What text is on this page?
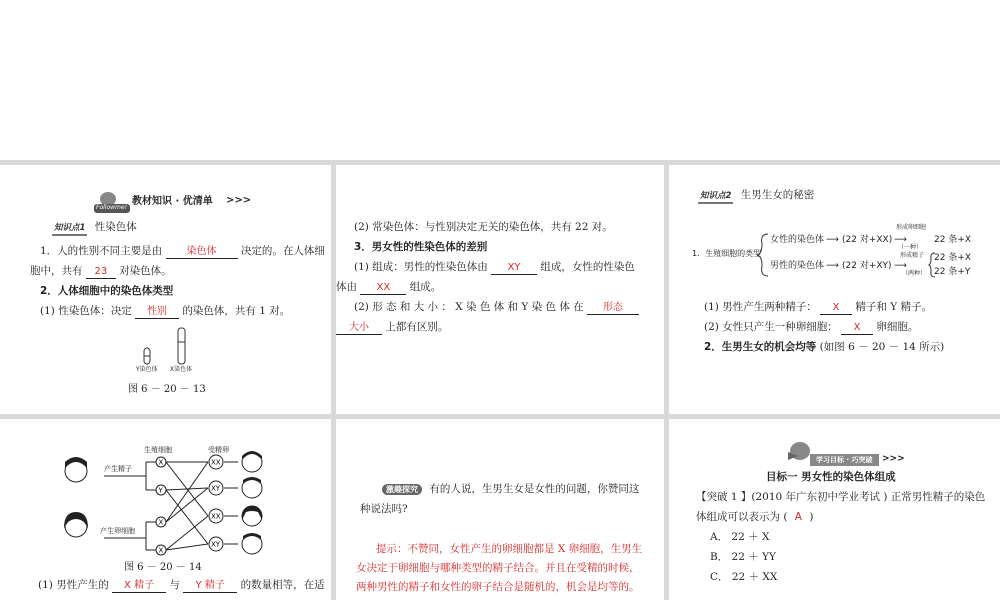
Followme!
教材知识 · 优清单 >>>
知识点1 性染色体
1．人的性别不同主要是由 染色体 决定的。在人体细
胞中，共有 23 对染色体。
2．人体细胞中的染色体类型
(1) 性染色体：决定 性别 的染色体，共有 1 对。
Y染色体 X染色体
图 6 － 20 － 13
(2) 常染色体：与性别决定无关的染色体，共有 22 对。
3．男女性的性染色体的差别
(1) 组成：男性的性染色体由 XY 组成，女性的性染色
体由 XX 组成。
(2) 形 态 和 大 小 ： X 染 色 体 和 Y 染 色 体 在 形态
大小 上都有区别。
知识点2 生男生女的秘密
1．生殖细胞的类型
女性的染色体 ⟶ (22 对+XX)
形成卵细胞
⟶
（一种）
22 条+X
男性的染色体 ⟶ (22 对+XY)
形成精子
⟶
（两种）
22 条+X
22 条+Y
(1) 男性产生两种精子： X 精子和 Y 精子。
(2) 女性只产生一种卵细胞： X 卵细胞。
2．生男生女的机会均等 (如图 6 － 20 － 14 所示)
X
Y
X
X
XX
XY
XX
XY
生殖细胞	受精卵
产生精子
产生卵细胞
图 6 － 20 － 14
(1) 男性产生的 X 精子 与 Y 精子 的数量相等，在适
激趣探究 有的人说，生男生女是女性的问题，你赞同这
种说法吗?
提示：不赞同，女性产生的卵细胞都是 X 卵细胞，生男生
女决定于卵细胞与哪种类型的精子结合。并且在受精的时候，
两种男性的精子和女性的卵子结合是随机的，机会是均等的。
学习目标 · 巧突破	>>>
目标一 男女性的染色体组成
【突破 1 】(2010 年广东初中学业考试 ) 正常男性精子的染色
体组成可以表示为 ( A )
A． 22 ＋ X
B． 22 ＋ YY
C． 22 ＋ XX
